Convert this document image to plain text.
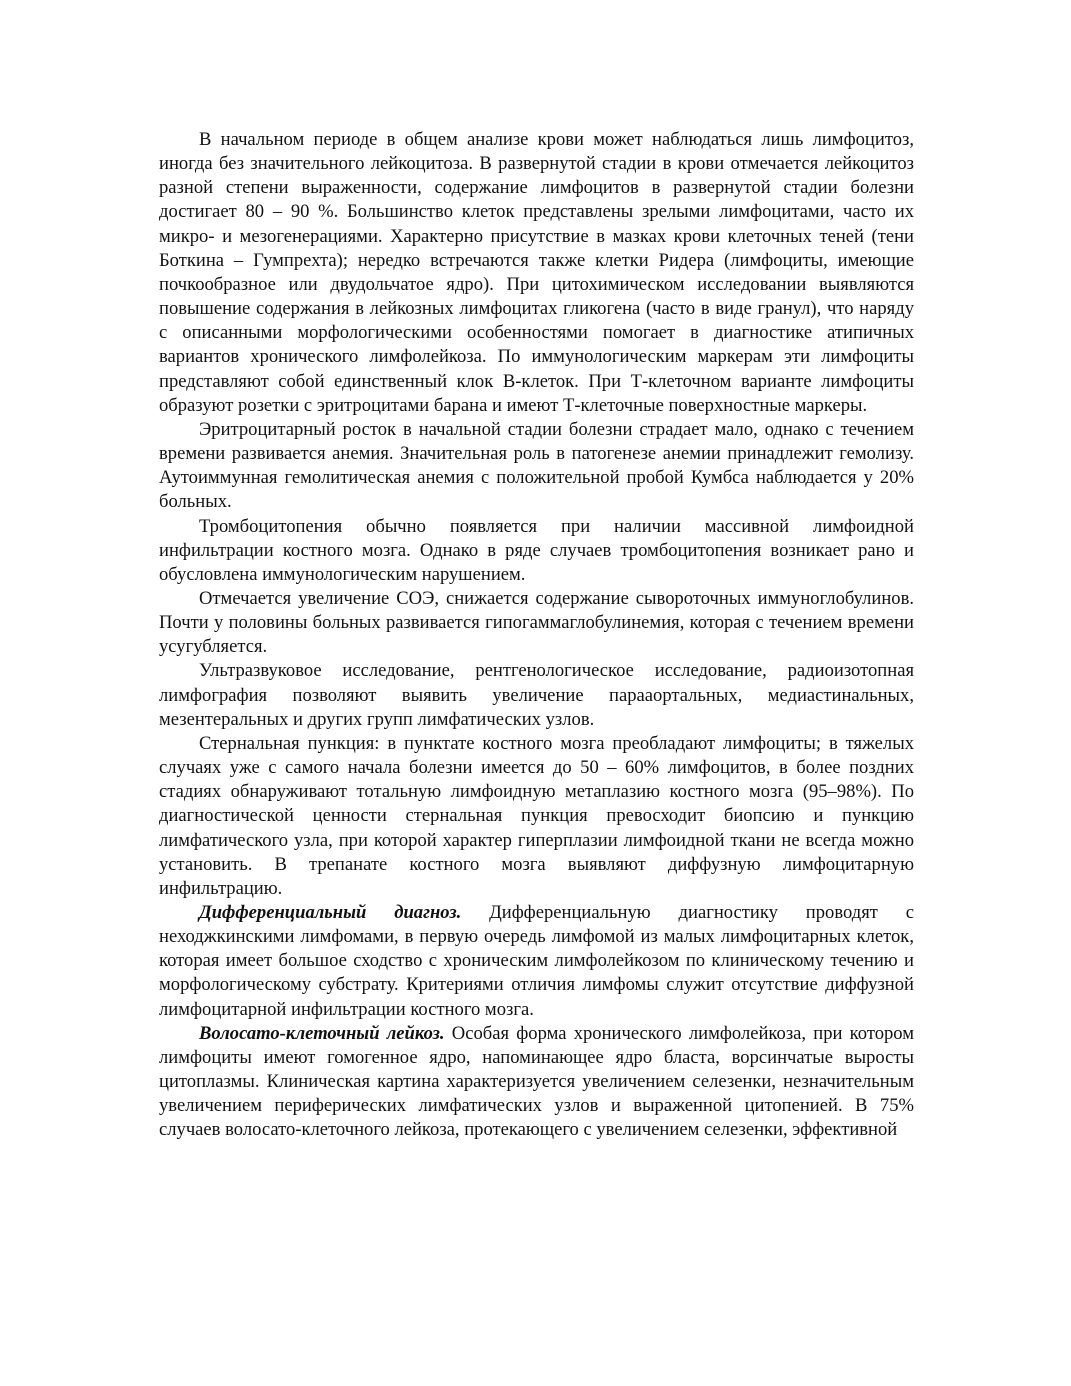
В начальном периоде в общем анализе крови может наблюдаться лишь лимфоцитоз, иногда без значительного лейкоцитоза. В развернутой стадии в крови отмечается лейкоцитоз разной степени выраженности, содержание лимфоцитов в развернутой стадии болезни достигает 80 – 90 %. Большинство клеток представлены зрелыми лимфоцитами, часто их микро- и мезогенерациями. Характерно присутствие в мазках крови клеточных теней (тени Боткина – Гумпрехта); нередко встречаются также клетки Ридера (лимфоциты, имеющие почкообразное или двудольчатое ядро). При цитохимическом исследовании выявляются повышение содержания в лейкозных лимфоцитах гликогена (часто в виде гранул), что наряду с описанными морфологическими особенностями помогает в диагностике атипичных вариантов хронического лимфолейкоза. По иммунологическим маркерам эти лимфоциты представляют собой единственный клок В-клеток. При Т-клеточном варианте лимфоциты образуют розетки с эритроцитами барана и имеют Т-клеточные поверхностные маркеры.

Эритроцитарный росток в начальной стадии болезни страдает мало, однако с течением времени развивается анемия. Значительная роль в патогенезе анемии принадлежит гемолизу. Аутоиммунная гемолитическая анемия с положительной пробой Кумбса наблюдается у 20% больных.

Тромбоцитопения обычно появляется при наличии массивной лимфоидной инфильтрации костного мозга. Однако в ряде случаев тромбоцитопения возникает рано и обусловлена иммунологическим нарушением.

Отмечается увеличение СОЭ, снижается содержание сывороточных иммуноглобулинов. Почти у половины больных развивается гипогаммаглобулинемия, которая с течением времени усугубляется.

Ультразвуковое исследование, рентгенологическое исследование, радиоизотопная лимфография позволяют выявить увеличение парааортальных, медиастинальных, мезентеральных и других групп лимфатических узлов.

Стернальная пункция: в пунктате костного мозга преобладают лимфоциты; в тяжелых случаях уже с самого начала болезни имеется до 50 – 60% лимфоцитов, в более поздних стадиях обнаруживают тотальную лимфоидную метаплазию костного мозга (95–98%). По диагностической ценности стернальная пункция превосходит биопсию и пункцию лимфатического узла, при которой характер гиперплазии лимфоидной ткани не всегда можно установить. В трепанате костного мозга выявляют диффузную лимфоцитарную инфильтрацию.

Дифференциальный диагноз. Дифференциальную диагностику проводят с неходжкинскими лимфомами, в первую очередь лимфомой из малых лимфоцитарных клеток, которая имеет большое сходство с хроническим лимфолейкозом по клиническому течению и морфологическому субстрату. Критериями отличия лимфомы служит отсутствие диффузной лимфоцитарной инфильтрации костного мозга.

Волосато-клеточный лейкоз. Особая форма хронического лимфолейкоза, при котором лимфоциты имеют гомогенное ядро, напоминающее ядро бласта, ворсинчатые выросты цитоплазмы. Клиническая картина характеризуется увеличением селезенки, незначительным увеличением периферических лимфатических узлов и выраженной цитопенией. В 75% случаев волосато-клеточного лейкоза, протекающего с увеличением селезенки, эффективной
